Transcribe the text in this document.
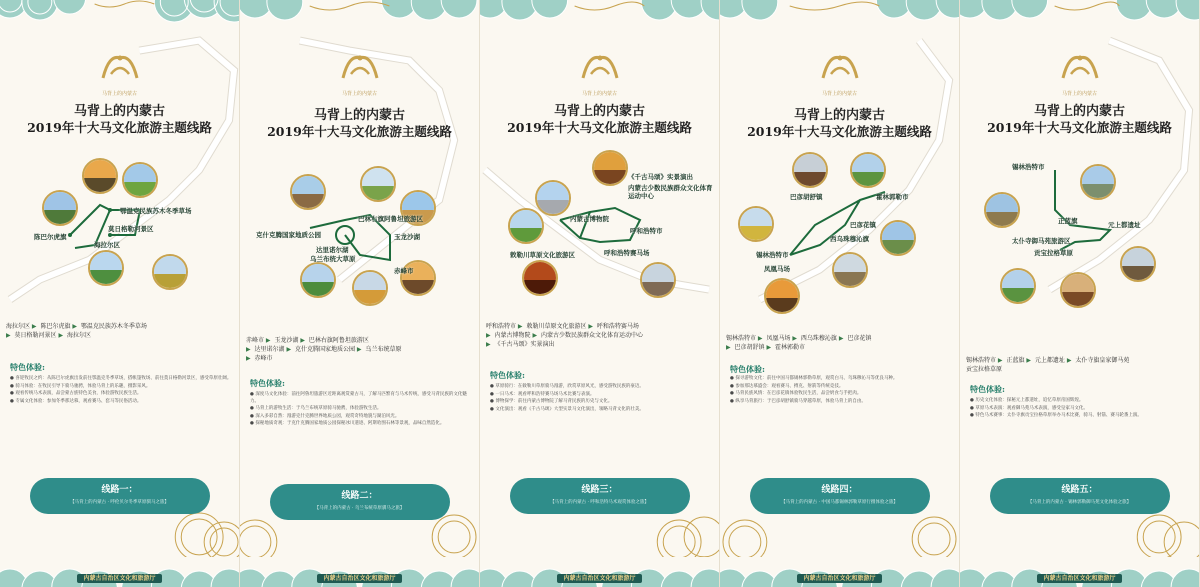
马背上的内蒙古
马背上的内蒙古
2019年十大马文化旅游主题线路
陈巴尔虎旗
鄂温克民族苏木冬季草场
莫日格勒河景区
海拉尔区
海拉尔区 ▶ 陈巴尔虎旗 ▶ 鄂温克民族苏木冬季草场
▶ 莫日格勒河景区 ▶ 海拉尔区
特色体验:

● 喜迎牧民之约：从陈巴尔虎旗出发前往鄂温克冬季草场，搭帐篷牧场、前往莫日格勒河景区，感受草原壮阔。

● 骑马体验：在牧民引导下骑马驰骋，体验马背上的乐趣，摄影采风。

● 观看传统马术表演，品尝蒙古族特色美食，体验游牧民族生活。

● 专属文化体验：参加冬季那达慕，观看赛马、套马等民俗活动。

线路一：
【马背上的内蒙古 · 呼伦贝尔冬季草原驯马之旅】
内蒙古自治区文化和旅游厅
马背上的内蒙古
马背上的内蒙古
2019年十大马文化旅游主题线路
克什克腾国家地质公园
巴林右旗阿鲁坦旅游区
玉龙沙湖
达里诺尔湖
乌兰布统大草原
赤峰市
赤峰市 ▶ 玉龙沙湖 ▶ 巴林右旗阿鲁坦旅游区
▶ 达里诺尔湖 ▶ 克什克腾国家地质公园 ▶ 乌兰布统草原
▶ 赤峰市
特色体验:

● 深度马文化体验：前往阿鲁坦旅游区近距离观赏蒙古马，了解马匹繁育与马术传统，感受马背民族的文化魅力。

● 马背上的游牧生活：于乌兰布统草原骑马驰骋，体验游牧生活。

● 深入多彩自然：漫游克什克腾世界地质公园，观赏奇特地貌与湖泊风光。

● 探秘地质奇观：于克什克腾国家地质公园探秘冰川遗迹、阿斯哈图石林等景观，品味自然造化。

线路二：
【马背上的内蒙古 · 乌兰布统草原驯马之旅】
内蒙古自治区文化和旅游厅
马背上的内蒙古
马背上的内蒙古
2019年十大马文化旅游主题线路
《千古马颂》实景演出
内蒙古博物院
内蒙古少数民族群众文化体育运动中心
呼和浩特市
敕勒川草原文化旅游区	呼和浩特赛马场
呼和浩特市 ▶ 敕勒川草原文化旅游区 ▶ 呼和浩特赛马场
▶ 内蒙古博物院 ▶ 内蒙古少数民族群众文化体育运动中心
▶ 《千古马颂》实景演出
特色体验:

● 草原骑行：在敕勒川草原骑马漫游，欣赏草原风光，感受游牧民族的豪迈。

● 一日马术：观看呼和浩特赛马场马术比赛与表演。

● 博物探学：前往内蒙古博物院了解马背民族的历史与文化。

● 文化演出：观看《千古马颂》大型实景马文化演出，领略马背文化的壮美。

线路三：
【马背上的内蒙古 · 呼和浩特马术观赏体验之旅】
内蒙古自治区文化和旅游厅
马背上的内蒙古
马背上的内蒙古
2019年十大马文化旅游主题线路
巴彦胡舒镇	霍林郭勒市
巴彦花镇
西乌珠穆沁旗
锡林浩特市
凤凰马场
锡林浩特市 ▶ 凤凰马场 ▶ 西乌珠穆沁旗 ▶ 巴彦花镇
▶ 巴彦胡舒镇 ▶ 霍林郭勒市
特色体验:

● 探寻游牧文化：前往中国马都锡林郭勒草原，观赏白马、乌珠穆沁马等优良马种。

● 参加那达慕盛会：观看赛马、搏克、射箭等传统竞技。

● 马背民族风情：在巴彦花镇体验牧民生活，品尝奶食与手把肉。

● 纵享马背旅行：于巴彦胡舒镇骑马穿越草原，体验马背上的自由。

线路四：
【马背上的内蒙古 · 中国马都锡林郭勒草原行摄体验之旅】
内蒙古自治区文化和旅游厅
马背上的内蒙古
马背上的内蒙古
2019年十大马文化旅游主题线路
锡林浩特市
正蓝旗	元上都遗址
太仆寺御马苑旅游区
贡宝拉格草原
锡林浩特市 ▶ 正蓝旗 ▶ 元上都遗址 ▶ 太仆寺旗皇家御马苑
贡宝拉格草原
特色体验:

● 历史文化体验：探秘元上都遗址，追忆草原帝国辉煌。

● 草原马术表演：观看御马苑马术表演，感受皇家马文化。

● 特色马术赛事：太仆寺旗贡宝拉格草原举办马术比赛，骑马、射箭、赛马轮番上演。

线路五：
【马背上的内蒙古 · 锡林郭勒御马苑文化体验之旅】
内蒙古自治区文化和旅游厅
